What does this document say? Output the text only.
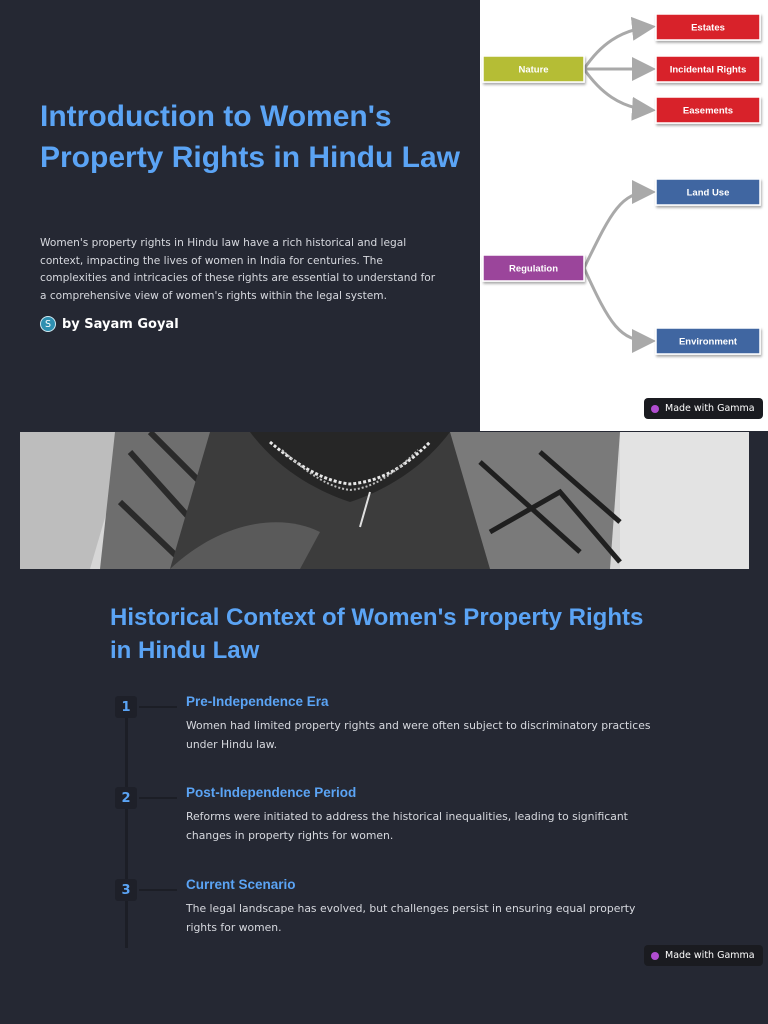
Introduction to Women's Property Rights in Hindu Law

Women's property rights in Hindu law have a rich historical and legal context, impacting the lives of women in India for centuries. The complexities and intricacies of these rights are essential to understand for a comprehensive view of women's rights within the legal system.

S by Sayam Goyal
Nature
Estates
Incidental Rights
Easements
Regulation
Land Use
Environment
Made with Gamma
Historical Context of Women's Property Rights in Hindu Law
1	Pre-Independence Era

Women had limited property rights and were often subject to discriminatory practices under Hindu law.

2	Post-Independence Period

Reforms were initiated to address the historical inequalities, leading to significant changes in property rights for women.

3	Current Scenario

The legal landscape has evolved, but challenges persist in ensuring equal property rights for women.

Made with Gamma
